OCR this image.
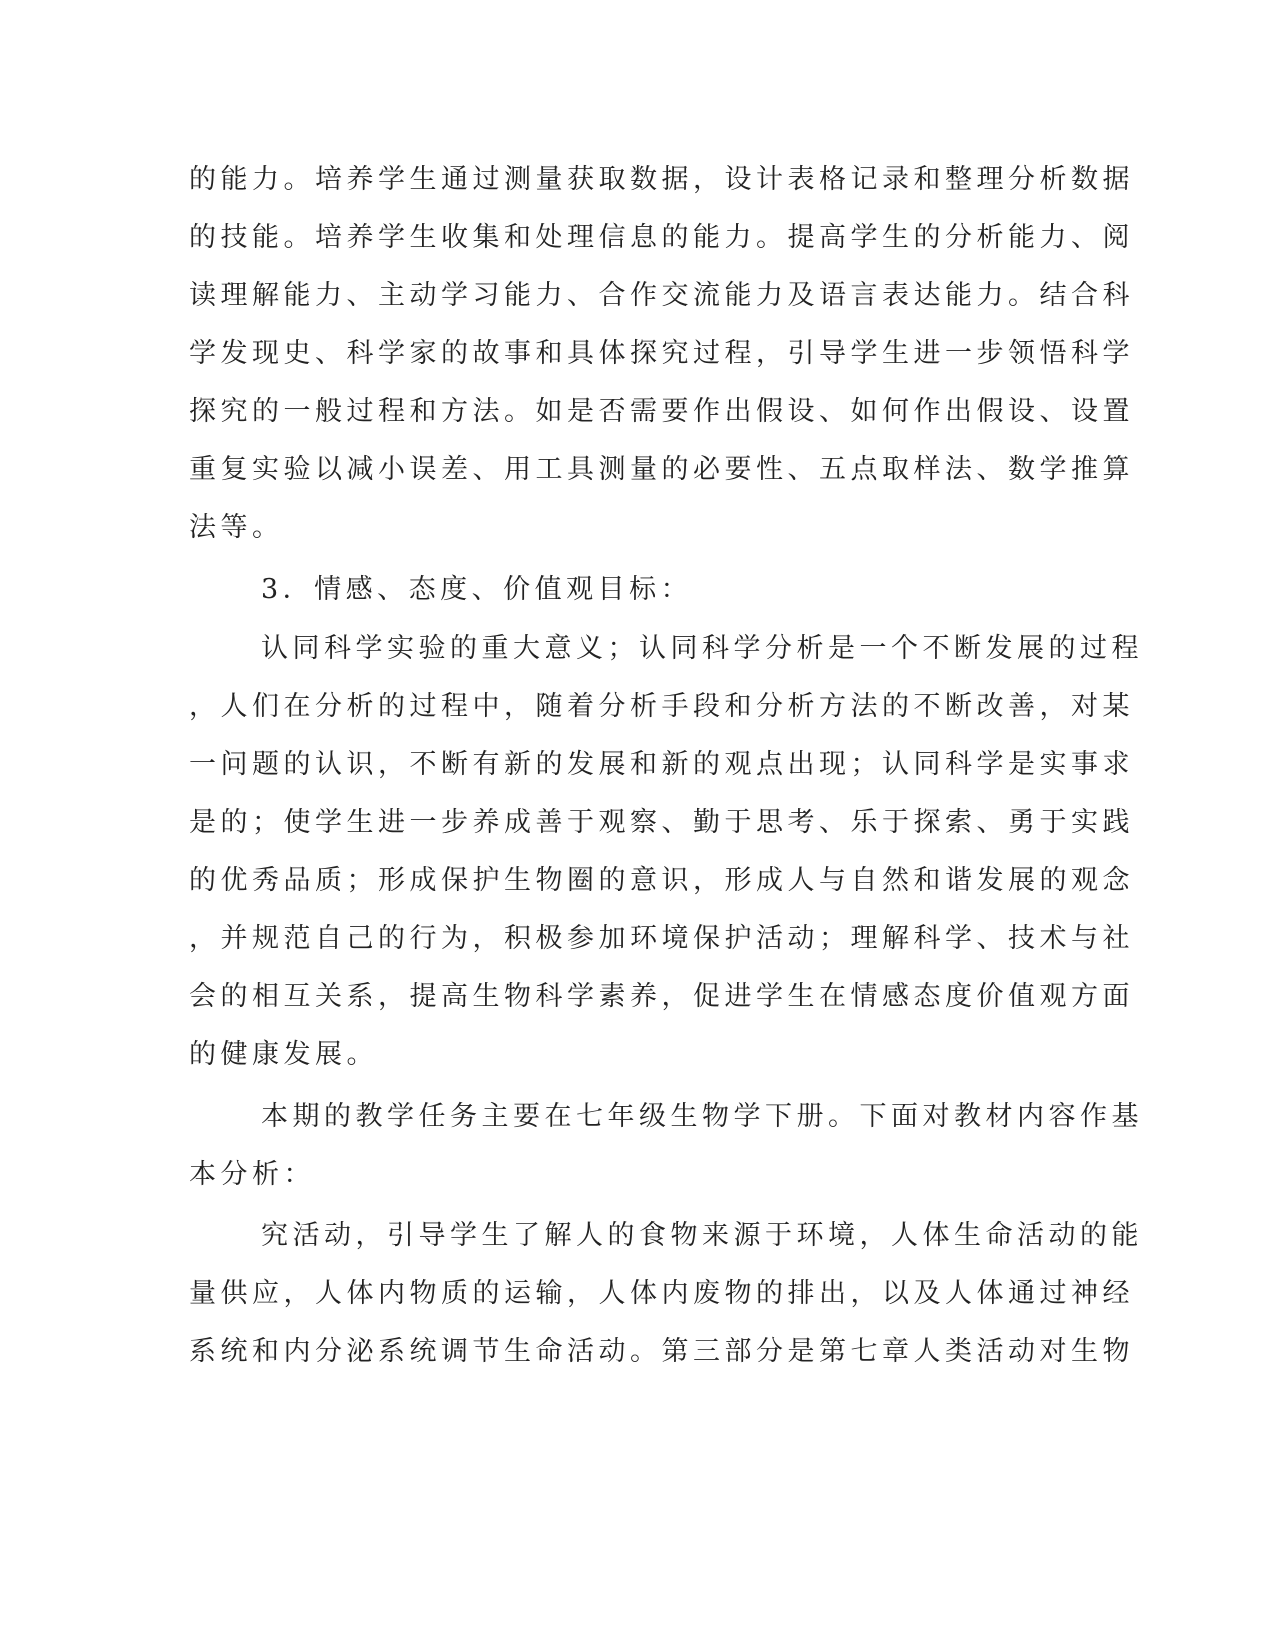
的能力。培养学生通过测量获取数据，设计表格记录和整理分析数据
的技能。培养学生收集和处理信息的能力。提高学生的分析能力、阅
读理解能力、主动学习能力、合作交流能力及语言表达能力。结合科
学发现史、科学家的故事和具体探究过程，引导学生进一步领悟科学
探究的一般过程和方法。如是否需要作出假设、如何作出假设、设置
重复实验以减小误差、用工具测量的必要性、五点取样法、数学推算
法等。
3．情感、态度、价值观目标：
认同科学实验的重大意义；认同科学分析是一个不断发展的过程
，人们在分析的过程中，随着分析手段和分析方法的不断改善，对某
一问题的认识，不断有新的发展和新的观点出现；认同科学是实事求
是的；使学生进一步养成善于观察、勤于思考、乐于探索、勇于实践
的优秀品质；形成保护生物圈的意识，形成人与自然和谐发展的观念
，并规范自己的行为，积极参加环境保护活动；理解科学、技术与社
会的相互关系，提高生物科学素养，促进学生在情感态度价值观方面
的健康发展。
本期的教学任务主要在七年级生物学下册。下面对教材内容作基
本分析：
究活动，引导学生了解人的食物来源于环境，人体生命活动的能
量供应，人体内物质的运输，人体内废物的排出，以及人体通过神经
系统和内分泌系统调节生命活动。第三部分是第七章人类活动对生物
